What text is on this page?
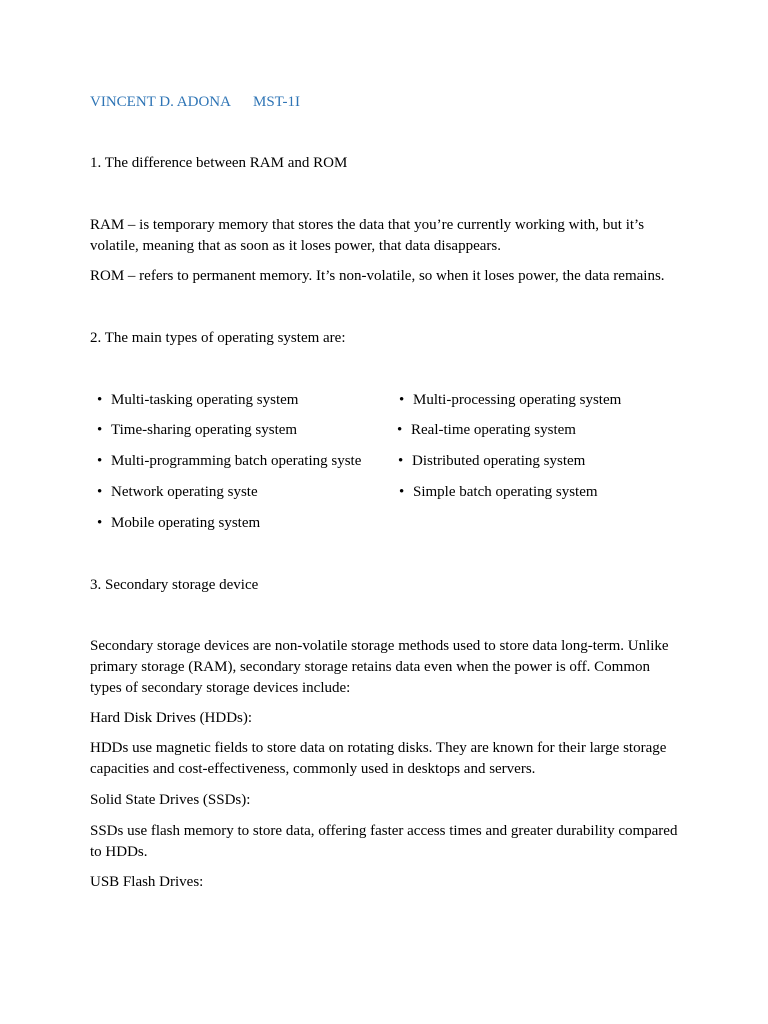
VINCENT D. ADONA MST-1I
1. The difference between RAM and ROM
RAM – is temporary memory that stores the data that you’re currently working with, but it’s volatile, meaning that as soon as it loses power, that data disappears.
ROM – refers to permanent memory. It’s non-volatile, so when it loses power, the data remains.
2. The main types of operating system are:
• Multi-tasking operating system
• Time-sharing operating system
• Multi-programming batch operating syste
• Network operating syste
• Mobile operating system
• Multi-processing operating system
• Real-time operating system
• Distributed operating system
• Simple batch operating system
3. Secondary storage device
Secondary storage devices are non-volatile storage methods used to store data long-term. Unlike primary storage (RAM), secondary storage retains data even when the power is off. Common types of secondary storage devices include:
Hard Disk Drives (HDDs):
HDDs use magnetic fields to store data on rotating disks. They are known for their large storage capacities and cost-effectiveness, commonly used in desktops and servers.
Solid State Drives (SSDs):
SSDs use flash memory to store data, offering faster access times and greater durability compared to HDDs.
USB Flash Drives:
